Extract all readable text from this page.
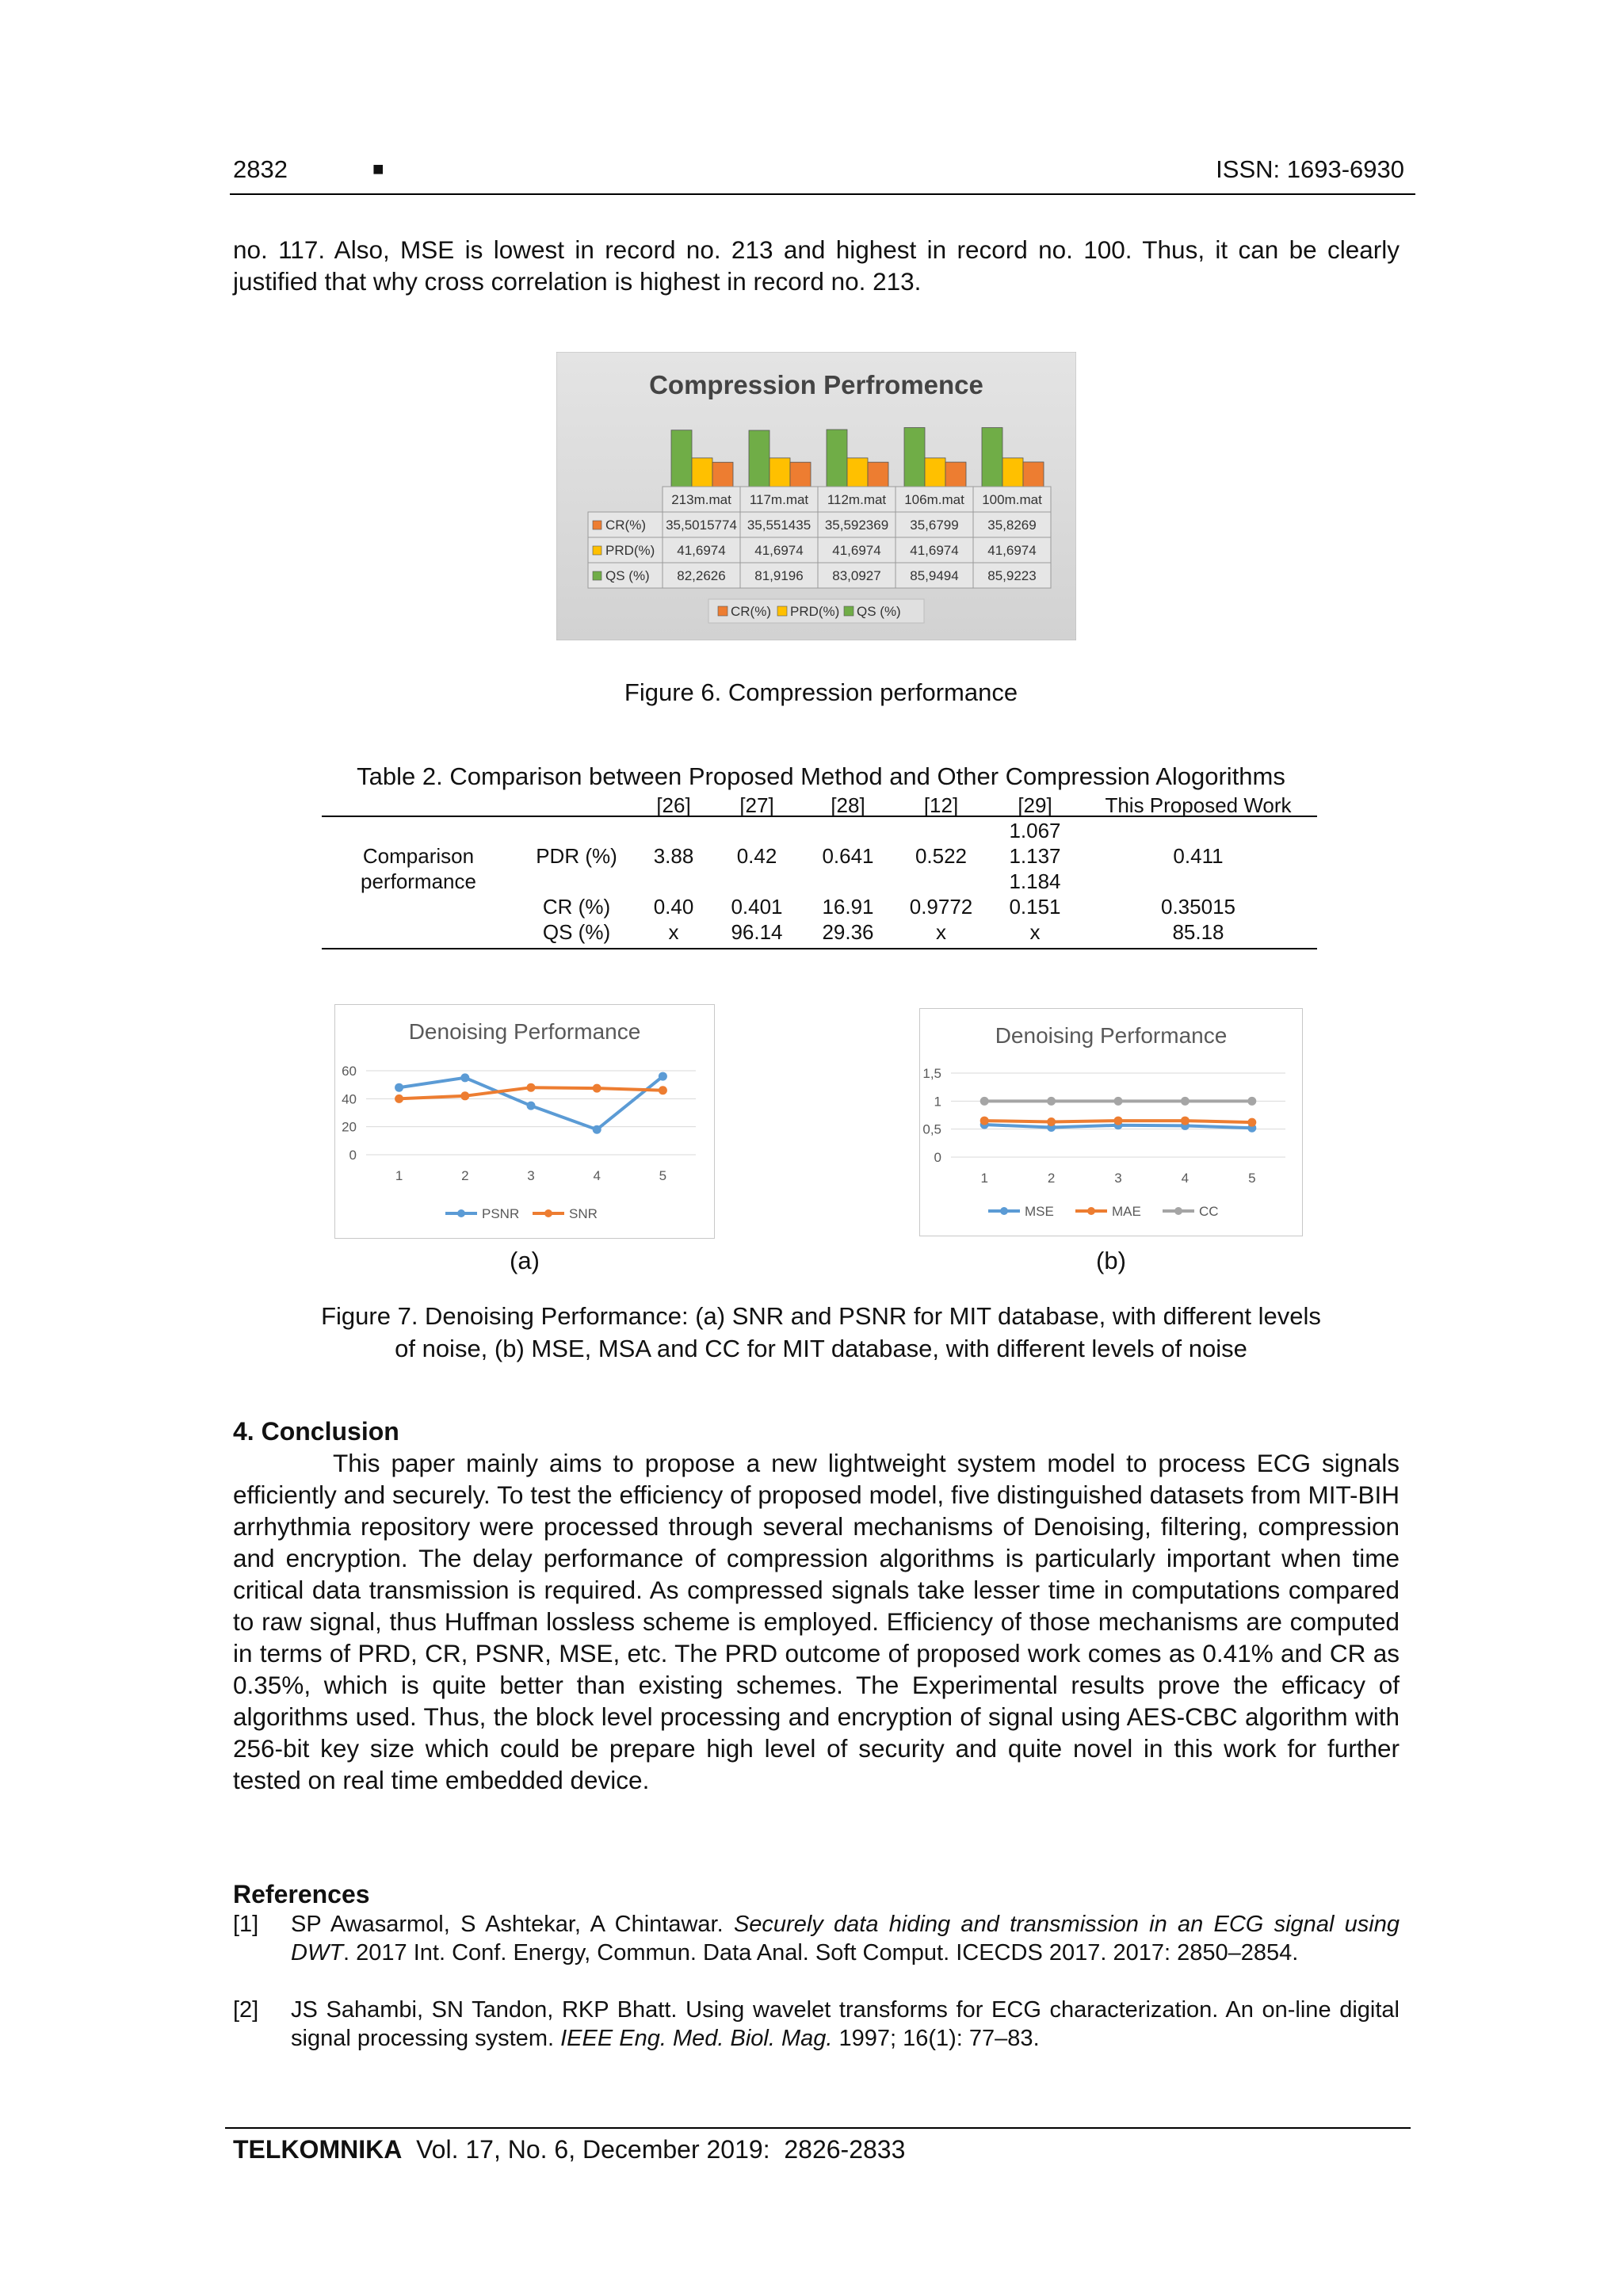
2832	■	ISSN: 1693-6930
no. 117. Also, MSE is lowest in record no. 213 and highest in record no. 100. Thus, it can be clearly justified that why cross correlation is highest in record no. 213.
Compression Perfromence
213m.mat 117m.mat 112m.mat 106m.mat 100m.mat
CR(%) 35,5015774 35,551435 35,592369 35,6799 35,8269
PRD(%) 41,6974 41,6974 41,6974 41,6974 41,6974
QS (%) 82,2626 81,9196 83,0927 85,9494 85,9223
CR(%) PRD(%) QS (%)
Figure 6. Compression performance
Table 2. Comparison between Proposed Method and Other Compression Alogorithms
		[26]	[27]	[28]	[12]	[29]	This Proposed Work
Comparison
performance	PDR (%)	3.88	0.42	0.641	0.522	1.067	0.411
						1.137	
						1.184	
	CR (%)	0.40	0.401	16.91	0.9772	0.151	0.35015
	QS (%)	x	96.14	29.36	x	x	85.18
Denoising Performance
0
20
40
60
1	2	3	4	5
PSNR	SNR
(a)
Denoising Performance
0
0,5
1
1,5
1	2	3	4	5
MSE	MAE	CC
(b)
Figure 7. Denoising Performance: (a) SNR and PSNR for MIT database, with different levels
of noise, (b) MSE, MSA and CC for MIT database, with different levels of noise
4. Conclusion
This paper mainly aims to propose a new lightweight system model to process ECG signals efficiently and securely. To test the efficiency of proposed model, five distinguished datasets from MIT-BIH arrhythmia repository were processed through several mechanisms of Denoising, filtering, compression and encryption. The delay performance of compression algorithms is particularly important when time critical data transmission is required. As compressed signals take lesser time in computations compared to raw signal, thus Huffman lossless scheme is employed. Efficiency of those mechanisms are computed in terms of PRD, CR, PSNR, MSE, etc. The PRD outcome of proposed work comes as 0.41% and CR as 0.35%, which is quite better than existing schemes. The Experimental results prove the efficacy of algorithms used. Thus, the block level processing and encryption of signal using AES-CBC algorithm with 256-bit key size which could be prepare high level of security and quite novel in this work for further tested on real time embedded device.
References
[1] SP Awasarmol, S Ashtekar, A Chintawar. Securely data hiding and transmission in an ECG signal using DWT. 2017 Int. Conf. Energy, Commun. Data Anal. Soft Comput. ICECDS 2017. 2017: 2850–2854.
[2] JS Sahambi, SN Tandon, RKP Bhatt. Using wavelet transforms for ECG characterization. An on-line digital signal processing system. IEEE Eng. Med. Biol. Mag. 1997; 16(1): 77–83.
TELKOMNIKA  Vol. 17, No. 6, December 2019:  2826-2833
